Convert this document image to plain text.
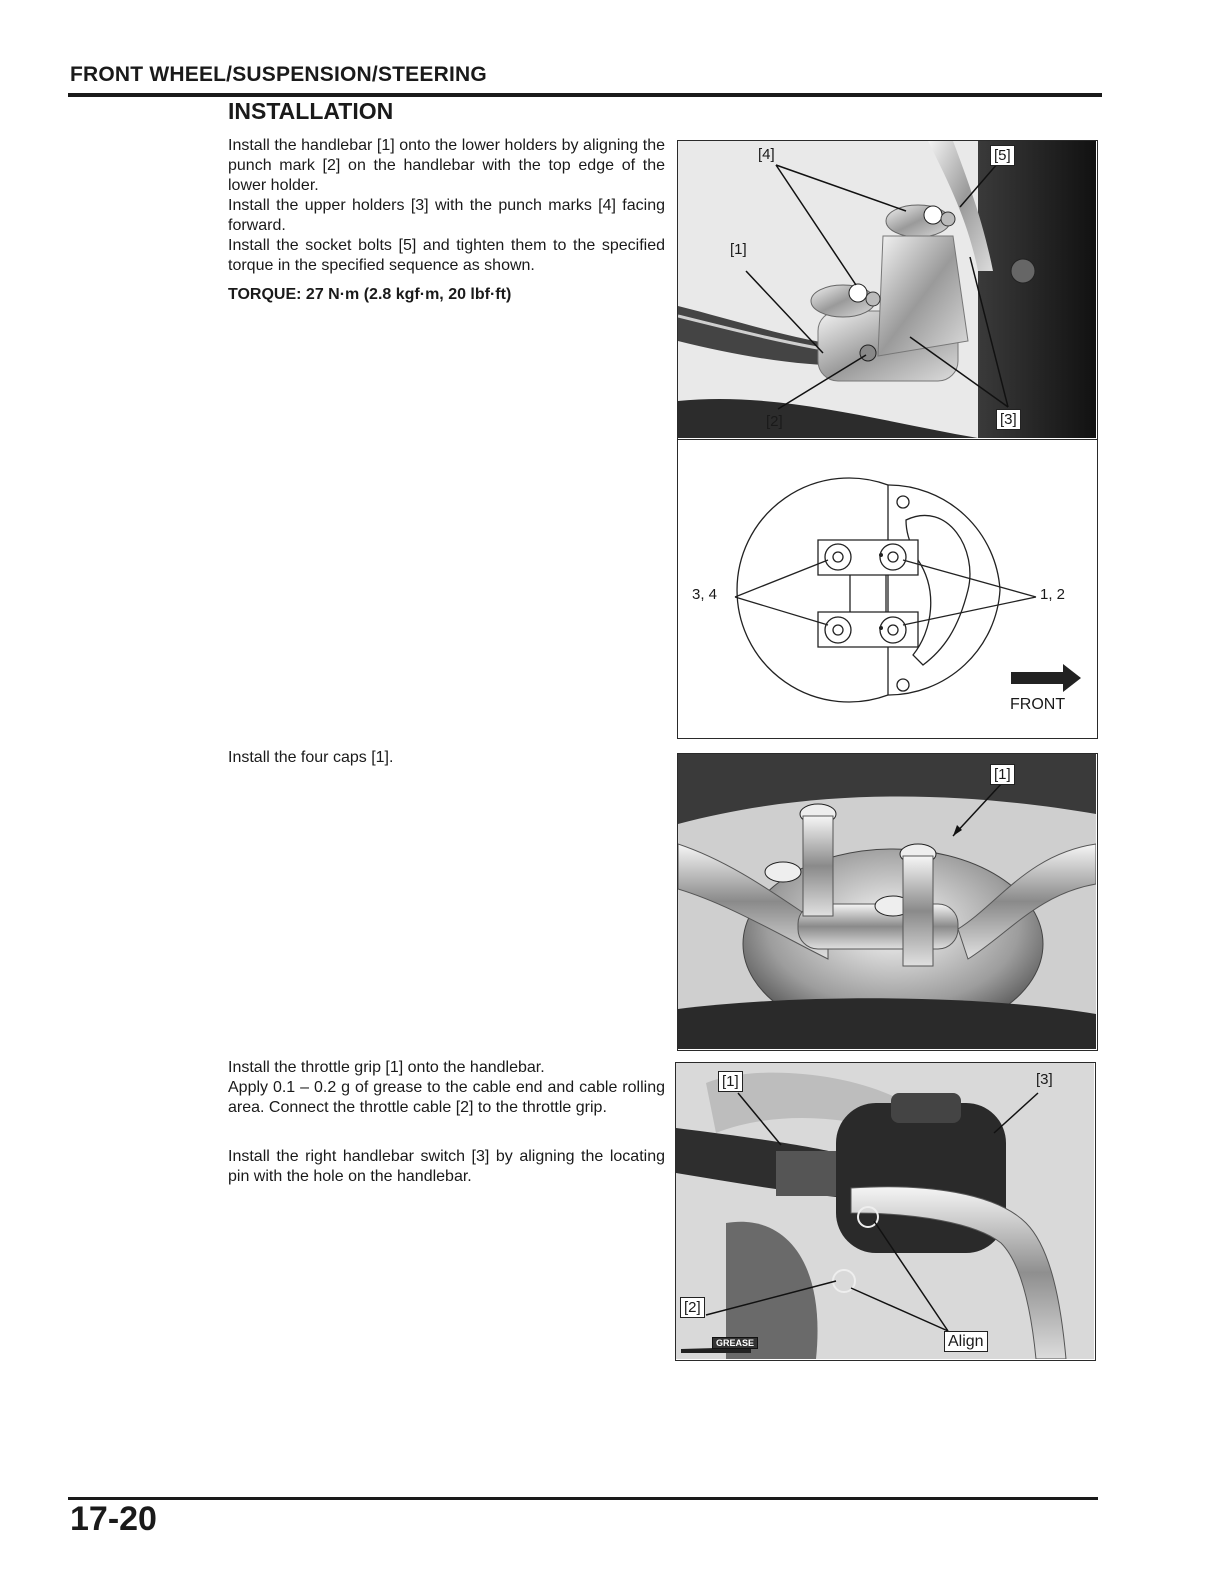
FRONT WHEEL/SUSPENSION/STEERING
INSTALLATION
Install the handlebar [1] onto the lower holders by aligning the punch mark [2] on the handlebar with the top edge of the lower holder.
Install the upper holders [3] with the punch marks [4] facing forward.
Install the socket bolts [5] and tighten them to the specified torque in the specified sequence as shown.
TORQUE: 27 N·m (2.8 kgf·m, 20 lbf·ft)
Install the four caps [1].
Install the throttle grip [1] onto the handlebar.
Apply 0.1 – 0.2 g of grease to the cable end and cable rolling area. Connect the throttle cable [2] to the throttle grip.
Install the right handlebar switch [3] by aligning the locating pin with the hole on the handlebar.
[4]	[5]
[1]
[2]	[3]
3, 4	1, 2
FRONT
[1]
[1]	[3]
[2]
Align
GREASE
17-20
